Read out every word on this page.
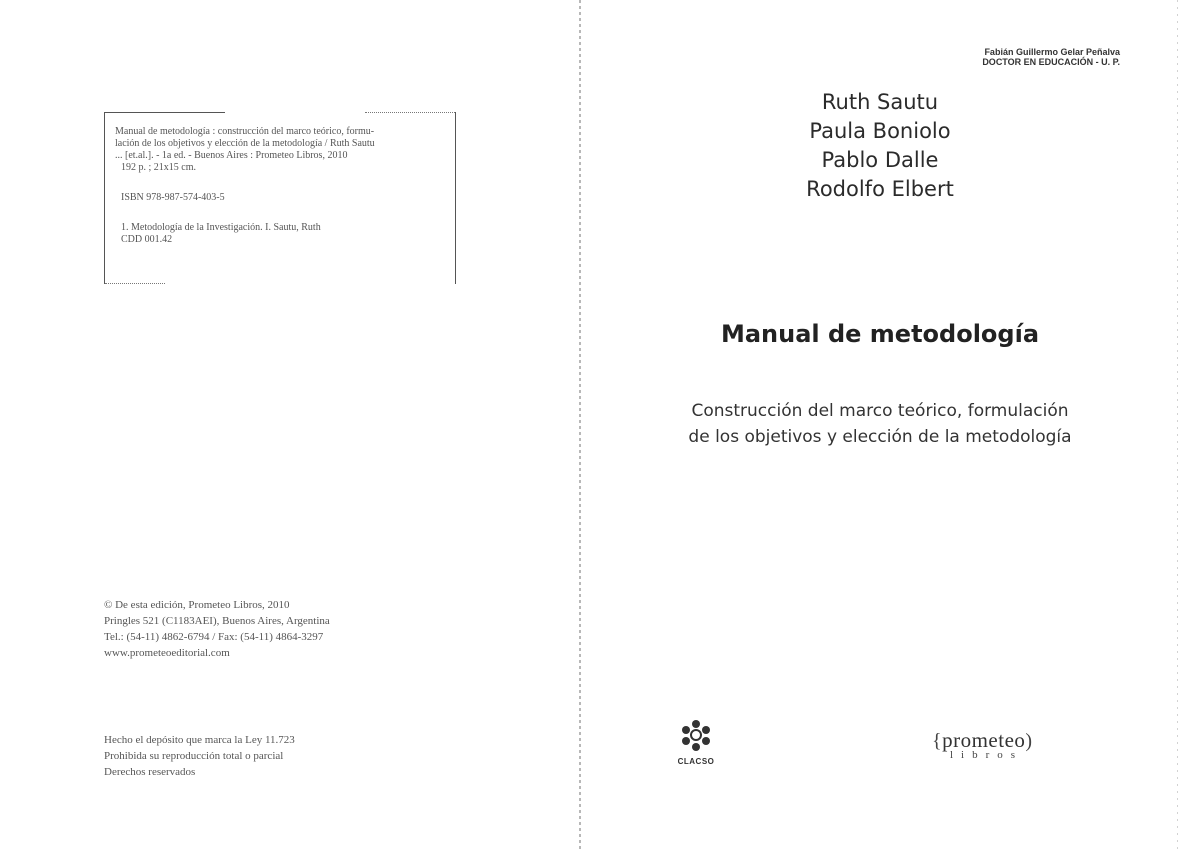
Manual de metodología : construcción del marco teórico, formu-
lación de los objetivos y elección de la metodología / Ruth Sautu
... [et.al.]. - 1a ed. - Buenos Aires : Prometeo Libros, 2010
192 p. ; 21x15 cm.
ISBN 978-987-574-403-5
1. Metodología de la Investigación. I. Sautu, Ruth
CDD 001.42
© De esta edición, Prometeo Libros, 2010
Pringles 521 (C1183AEI), Buenos Aires, Argentina
Tel.: (54-11) 4862-6794 / Fax: (54-11) 4864-3297
www.prometeoeditorial.com
Hecho el depósito que marca la Ley 11.723
Prohibida su reproducción total o parcial
Derechos reservados
Fabián Guillermo Gelar Peñalva
DOCTOR EN EDUCACIÓN - U. P.
Ruth Sautu
Paula Boniolo
Pablo Dalle
Rodolfo Elbert
Manual de metodología
Construcción del marco teórico, formulación
de los objetivos y elección de la metodología
CLACSO
{prometeo)
libros
